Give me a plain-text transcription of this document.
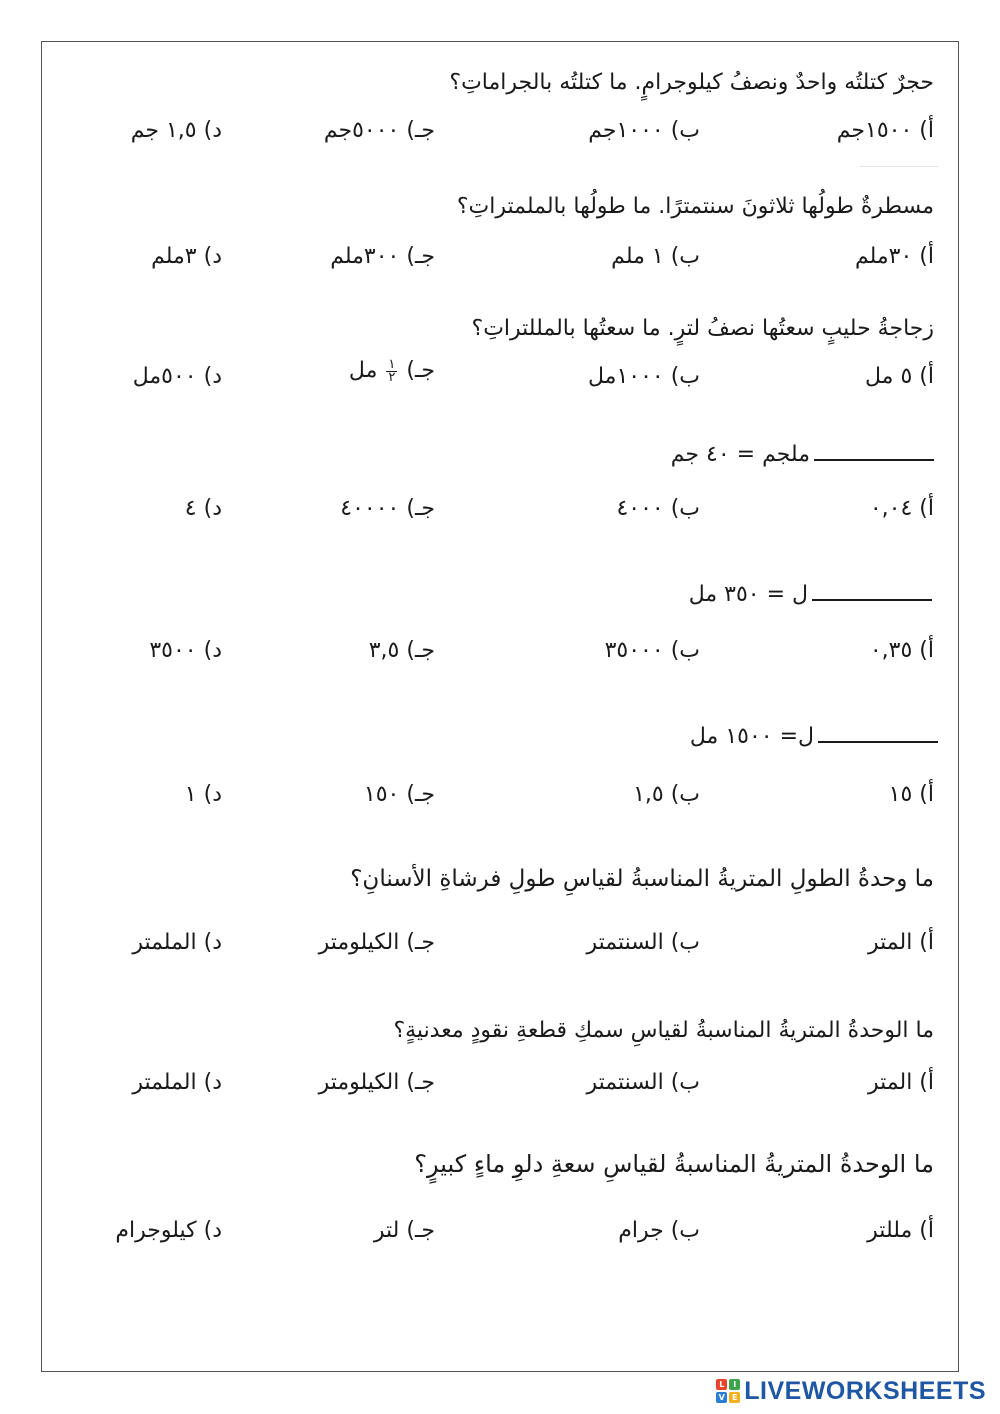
حجرٌ كتلتُه واحدٌ ونصفُ كيلوجرامٍ. ما كتلتُه بالجراماتِ؟
أ) ١٥٠٠جم
ب) ١٠٠٠جم
جـ) ٥٠٠٠جم
د) ١,٥ جم
مسطرةٌ طولُها ثلاثونَ سنتمترًا. ما طولُها بالملمتراتِ؟
أ) ٣٠ملم
ب) ١ ملم
جـ) ٣٠٠ملم
د) ٣ملم
زجاجةُ حليبٍ سعتُها نصفُ لترٍ. ما سعتُها بالمللتراتِ؟
أ) ٥ مل
ب) ١٠٠٠مل
جـ)
$\frac{١}{٢}$
مل
د) ٥٠٠مل
ملجم = ٤٠ جم
أ) ٠,٠٤
ب) ٤٠٠٠
جـ) ٤٠٠٠٠
د) ٤
ل = ٣٥٠ مل
أ) ٠,٣٥
ب) ٣٥٠٠٠
جـ) ٣,٥
د) ٣٥٠٠
ل= ١٥٠٠ مل
أ) ١٥
ب) ١,٥
جـ) ١٥٠
د) ١
ما وحدةُ الطولِ المتريةُ المناسبةُ لقياسِ طولِ فرشاةِ الأسنانِ؟
أ) المتر
ب) السنتمتر
جـ) الكيلومتر
د) الملمتر
ما الوحدةُ المتريةُ المناسبةُ لقياسِ سمكِ قطعةِ نقودٍ معدنيةٍ؟
أ) المتر
ب) السنتمتر
جـ) الكيلومتر
د) الملمتر
ما الوحدةُ المتريةُ المناسبةُ لقياسِ سعةِ دلوِ ماءٍ كبيرٍ؟
أ) مللتر
ب) جرام
جـ) لتر
د) كيلوجرام
L	I
V E LIVEWORKSHEETS
